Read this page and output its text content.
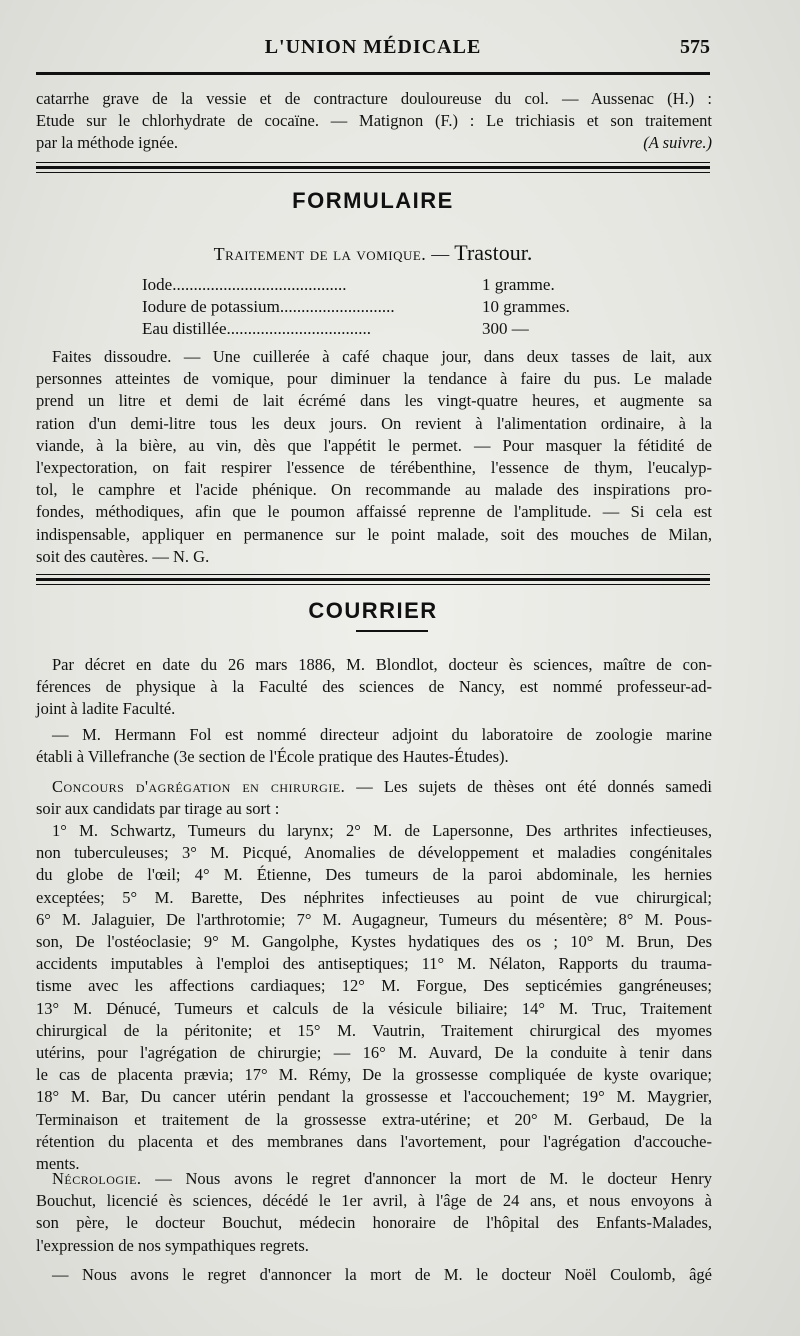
L'UNION MÉDICALE	575
catarrhe grave de la vessie et de contracture douloureuse du col. — Aussenac (H.) :
Etude sur le chlorhydrate de cocaïne. — Matignon (F.) : Le trichiasis et son traitement
par la méthode ignée.	(A suivre.)
FORMULAIRE
Traitement de la vomique. — Trastour.
Iode.........................................	1 gramme.
Iodure de potassium...........................	10 grammes.
Eau distillée..................................	300 —
Faites dissoudre. — Une cuillerée à café chaque jour, dans deux tasses de lait, aux
personnes atteintes de vomique, pour diminuer la tendance à faire du pus. Le malade
prend un litre et demi de lait écrémé dans les vingt-quatre heures, et augmente sa
ration d'un demi-litre tous les deux jours. On revient à l'alimentation ordinaire, à la
viande, à la bière, au vin, dès que l'appétit le permet. — Pour masquer la fétidité de
l'expectoration, on fait respirer l'essence de térébenthine, l'essence de thym, l'eucalyp-
tol, le camphre et l'acide phénique. On recommande au malade des inspirations pro-
fondes, méthodiques, afin que le poumon affaissé reprenne de l'amplitude. — Si cela est
indispensable, appliquer en permanence sur le point malade, soit des mouches de Milan,
soit des cautères. — N. G.
COURRIER
Par décret en date du 26 mars 1886, M. Blondlot, docteur ès sciences, maître de con-
férences de physique à la Faculté des sciences de Nancy, est nommé professeur-ad-
joint à ladite Faculté.
— M. Hermann Fol est nommé directeur adjoint du laboratoire de zoologie marine
établi à Villefranche (3e section de l'École pratique des Hautes-Études).
Concours d'agrégation en chirurgie. — Les sujets de thèses ont été donnés samedi
soir aux candidats par tirage au sort :
1° M. Schwartz, Tumeurs du larynx; 2° M. de Lapersonne, Des arthrites infectieuses,
non tuberculeuses; 3° M. Picqué, Anomalies de développement et maladies congénitales
du globe de l'œil; 4° M. Étienne, Des tumeurs de la paroi abdominale, les hernies
exceptées; 5° M. Barette, Des néphrites infectieuses au point de vue chirurgical;
6° M. Jalaguier, De l'arthrotomie; 7° M. Augagneur, Tumeurs du mésentère; 8° M. Pous-
son, De l'ostéoclasie; 9° M. Gangolphe, Kystes hydatiques des os ; 10° M. Brun, Des
accidents imputables à l'emploi des antiseptiques; 11° M. Nélaton, Rapports du trauma-
tisme avec les affections cardiaques; 12° M. Forgue, Des septicémies gangréneuses;
13° M. Dénucé, Tumeurs et calculs de la vésicule biliaire; 14° M. Truc, Traitement
chirurgical de la péritonite; et 15° M. Vautrin, Traitement chirurgical des myomes
utérins, pour l'agrégation de chirurgie; — 16° M. Auvard, De la conduite à tenir dans
le cas de placenta prævia; 17° M. Rémy, De la grossesse compliquée de kyste ovarique;
18° M. Bar, Du cancer utérin pendant la grossesse et l'accouchement; 19° M. Maygrier,
Terminaison et traitement de la grossesse extra-utérine; et 20° M. Gerbaud, De la
rétention du placenta et des membranes dans l'avortement, pour l'agrégation d'accouche-
ments.
Nécrologie. — Nous avons le regret d'annoncer la mort de M. le docteur Henry
Bouchut, licencié ès sciences, décédé le 1er avril, à l'âge de 24 ans, et nous envoyons à
son père, le docteur Bouchut, médecin honoraire de l'hôpital des Enfants-Malades,
l'expression de nos sympathiques regrets.
— Nous avons le regret d'annoncer la mort de M. le docteur Noël Coulomb, âgé
